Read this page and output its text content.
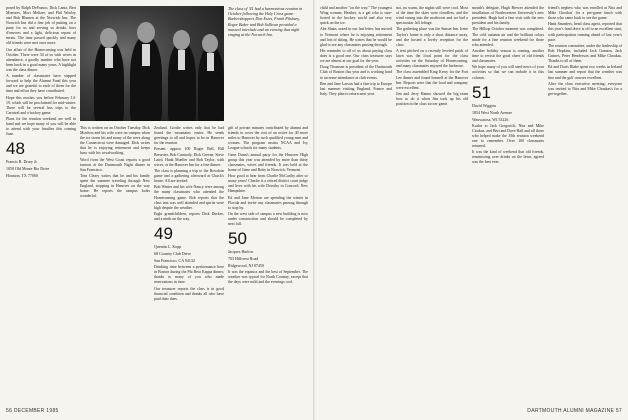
posed by Ralph DeFranco, Dick Lantz, Bert Monsees, Mort Meltzer, and Phil Wooley and Bob Blumen at the Norwich Inn. The Norwich Inn did a fine job of putting on a party for us and serving us drinks, hors d'oeuvres and a light, delicious repast of meats. The time passed quickly and many old friends were met once more.

Our affair of the Homecoming was held in October. There were 34 of us with wives in attendance, a goodly number who have not been back in a good many years. A highlight was the class dinner.

A number of classmates have stepped forward to help the Alumni Fund this year and we are grateful to each of them for the time and effort they have contributed.

Hope this reaches you before February 14-19, which will be proclaimed for mid-winter. There will be several bus trips to the Carnival and a hockey game.

Plans for the reunion weekend are well in hand and we hope many of you will be able to attend with your families this coming June.

48
Francis R. Drury Jr.
1050 Old Monte Rio Drive
Houston, TX 77060
The class of '41 had a harmonious reunion in October following the Holy Cross game: Barbershoppers Don Estes, Frank Pilsbury, Roger Baker and Bob Sullivan provided a musical interlude and an evening that night singing at the Norwich Inn.

This is written on an October Tuesday. Dick Moulton and his wife were on campus when the ice storm hit and many of the trees along the Connecticut were damaged. Dick writes that he is enjoying retirement and keeps busy with his woodworking.

Word from the West Coast reports a good turnout at the Dartmouth Night dinner in San Francisco.

Tom Cleary writes that he and his family spent the summer traveling through New England, stopping in Hanover on the way home. He reports the campus looks wonderful.

Zealand. Gordie writes only that he had found the mountains easier. He sends greetings to all and hopes to be in Hanover for the reunion.

Present: approx 100 Roger Bell, Bill Brewster, Bob Carmody, Dick Greene, Steve Laird, Hank Mueller and Bob Taylor, with wives, at the Hanover Inn for a fine dinner.

The class is planning a trip to the Bowdoin game and a gathering afterward at Chuck's house. All are invited.

Bob Winter and his wife Nancy were among the many classmates who attended the Homecoming game. Bob reports that the class tent was well attended and spirits were high despite the weather.

Eight grandchildren, reports Dick Durkee, and a ninth on the way.

49
Quentin L. Kopp
68 Country Club Drive
San Francisco, CA 94132

Drinking time between a performance here in Boston during the Phi Beta Kappa dinner, thanks to many of you who made reservations in time.

Our treasurer reports the class is in good financial condition and thanks all who have paid their dues.

gift of private minutes contributed by alumni and friends to cover the cost of an active for 40 more miles to Hanover by such qualified young men and women. The program assists NCAA and Ivy League schools for many students.

Gene Dunn's annual party for the Hanover High group this year was attended by more than thirty classmates, wives and friends. It was held at the home of Gene and Betty in Norwich, Vermont.

How good to hear from Charlie McCarthy after so many years! Charlie is a retired district court judge and lives with his wife Dorothy in Concord, New Hampshire.

Ed and Jane Morton are spending the winter in Florida and invite any classmates passing through to stop by.

On the west side of campus a new building is now under construction and should be completed by next fall.

50
Jacques Harlow
703 Hillcrest Road
Ridgewood, NJ 07450

It was the equinox and the best of September. The weather was typical for North Country, except that the days were mild and the evenings cool.

56 DECEMBER 1985

child and another "on the way." The youngest Wing woman, Heather, is a gal who is sure-footed in the hockey world and also very quick on the ice.

Abe Shain, noted in our last letter, has moved to Vermont where he is enjoying retirement and lots of skiing. He writes that he would be glad to see any classmates passing through.

His reminder to all of us about paying class dues is a good one. Our class treasurer says we are almost at our goal for the year.

Doug Thomsen is president of the Dartmouth Club of Boston this year and is working hard to increase attendance at club events.

Ben and Jane Larson had a fine trip to Europe last summer visiting England, France and Italy. They plan to return next year.

not, no warm, the nights still were cool. Most of the time the skies were cloudless, and the wind swung into the northwest and we had a spectacular fall foliage.

The gathering place was the Sunset Inn. Irene Taylor's home is only a short distance away, and she hosted a lovely reception for the class.

A tent pitched on a recently leveled patch of lawn was the focal point for the class activities on the Saturday of Homecoming, and many classmates enjoyed the barbecue.

The class assembled King Kerry for the Fort Lee dinner and found himself at the Hanover Inn. Reports were that the food and company were excellent.

Jim and Jerry Hanno showed the big team how to do it when Jim took up his old position in the class soccer game.

month's delegate, Hugh Brewer attended the installation of Northwestern University's new president. Hugh had a fine visit with the new president and his family.

The Hilltop October moment was completed. The cold autumn air and the brilliant colors made for a fine reunion weekend for those who attended.

Another holiday season is coming, another time to revisit the good cheer of old friends and classmates.

We hope many of you will send news of your activities so that we can include it in this column.

51
David Wiggins
1854 West North Avenue
Wauwatosa, WI 53226

Kudos to Jack Gregorich, Nita and Mike Cirokus, and Bert and Dave Hall and all those who helped make the 35th reunion weekend one to remember. Over 100 classmates returned.

It was the kind of weekend that old friends, reminiscing over drinks on the lawn, agreed was the best ever.

friend's nephew who was enrolled at Nita and Mike Choukas' for a pre-game lunch with those who came back to see the game.

Hank Saunders, head class agent, reported that this year's fund drive is off to an excellent start, with participation running ahead of last year's pace.

The reunion committee, under the leadership of Bob Hopkins, included Jack Gannon, Jack Grimes, Peter Henderson and Mike Choukas. Thanks to all of them.

Ed and Doris Blake spent two weeks in Ireland last summer and report that the weather was fine and the golf courses excellent.

After the class executive meeting, everyone was invited to Nita and Mike Choukas's for a get-together.

DARTMOUTH ALUMNI MAGAZINE 57
